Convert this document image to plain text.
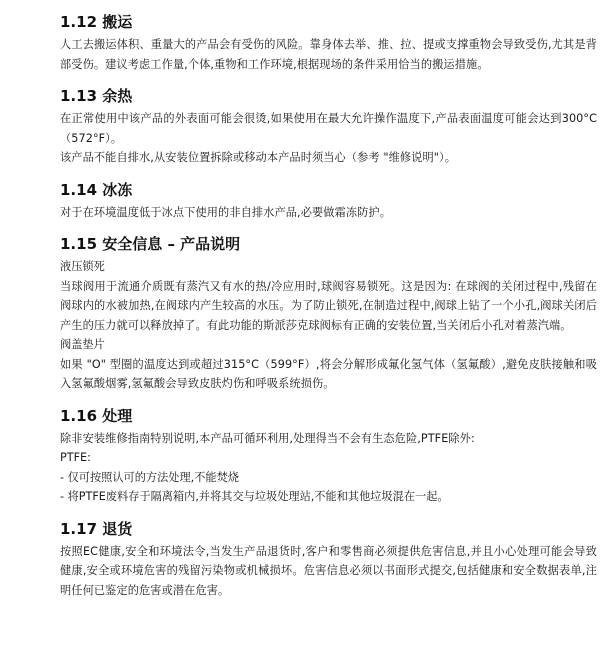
1.12 搬运

人工去搬运体积、重量大的产品会有受伤的风险。靠身体去举、推、拉、提或支撑重物会导致受伤,尤其是背部受伤。建议考虑工作量,个体,重物和工作环境,根据现场的条件采用恰当的搬运措施。

1.13 余热

在正常使用中该产品的外表面可能会很烫,如果使用在最大允许操作温度下,产品表面温度可能会达到300°C（572°F）。

该产品不能自排水,从安装位置拆除或移动本产品时须当心（参考 "维修说明"）。

1.14 冰冻

对于在环境温度低于冰点下使用的非自排水产品,必要做霜冻防护。

1.15 安全信息 – 产品说明

液压锁死

当球阀用于流通介质既有蒸汽又有水的热/冷应用时,球阀容易锁死。这是因为: 在球阀的关闭过程中,残留在阀球内的水被加热,在阀球内产生较高的水压。为了防止锁死,在制造过程中,阀球上钻了一个小孔,阀球关闭后产生的压力就可以释放掉了。有此功能的斯派莎克球阀标有正确的安装位置,当关闭后小孔对着蒸汽端。

阀盖垫片

如果 "O" 型圈的温度达到或超过315°C（599°F）,将会分解形成氟化氢气体（氢氟酸）,避免皮肤接触和吸入氢氟酸烟雾,氢氟酸会导致皮肤灼伤和呼吸系统损伤。

1.16 处理

除非安装维修指南特别说明,本产品可循环利用,处理得当不会有生态危险,PTFE除外:

PTFE:

- 仅可按照认可的方法处理,不能焚烧

- 将PTFE废料存于隔离箱内,并将其交与垃圾处理站,不能和其他垃圾混在一起。

1.17 退货

按照EC健康,安全和环境法令,当发生产品退货时,客户和零售商必须提供危害信息,并且小心处理可能会导致健康,安全或环境危害的残留污染物或机械损坏。危害信息必须以书面形式提交,包括健康和安全数据表单,注明任何已鉴定的危害或潜在危害。
